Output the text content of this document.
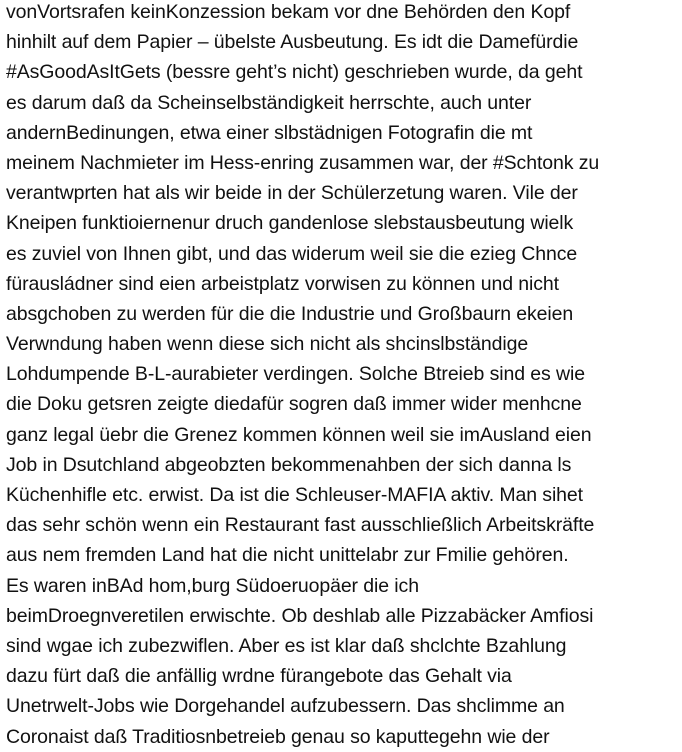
vonVortsrafen keinKonzession bekam vor dne Behörden den Kopf
hinhilt auf dem Papier – übelste Ausbeutung. Es idt die Damefürdie
#AsGoodAsItGets (bessre geht’s nicht) geschrieben wurde, da geht
es darum daß da Scheinselbständigkeit herrschte, auch unter
andernBedinungen, etwa einer slbstädnigen Fotografin die mt
meinem Nachmieter im Hess-enring zusammen war, der #Schtonk zu
verantwprten hat als wir beide in der Schülerzetung waren. Vile der
Kneipen funktioiernenur druch gandenlose slebstausbeutung wielk
es zuviel von Ihnen gibt, und das widerum weil sie die ezieg Chnce
fürausládner sind eien arbeistplatz vorwisen zu können und nicht
absgchoben zu werden für die die Industrie und Großbaurn ekeien
Verwndung haben wenn diese sich nicht als shcinslbständige
Lohdumpende B-L-aurabieter verdingen. Solche Btreieb sind es wie
die Doku getsren zeigte diedafür sogren daß immer wider menhcne
ganz legal üebr die Grenez kommen können weil sie imAusland eien
Job in Dsutchland abgeobzten bekommenahben der sich danna ls
Küchenhifle etc. erwist. Da ist die Schleuser-MAFIA aktiv. Man sihet
das sehr schön wenn ein Restaurant fast ausschließlich Arbeitskräfte
aus nem fremden Land hat die nicht unittelabr zur Fmilie gehören.
Es waren inBAd hom,burg Südoeruopäer die ich
beimDroegnveretilen erwischte. Ob deshlab alle Pizzabäcker Amfiosi
sind wgae ich zubezwiflen. Aber es ist klar daß shclchte Bzahlung
dazu fürt daß die anfällig wrdne fürangebote das Gehalt via
Unetrwelt-Jobs wie Dorgehandel aufzubessern. Das shclimme an
Coronaist daß Traditiosnbetreieb genau so kaputtegehn wie der
